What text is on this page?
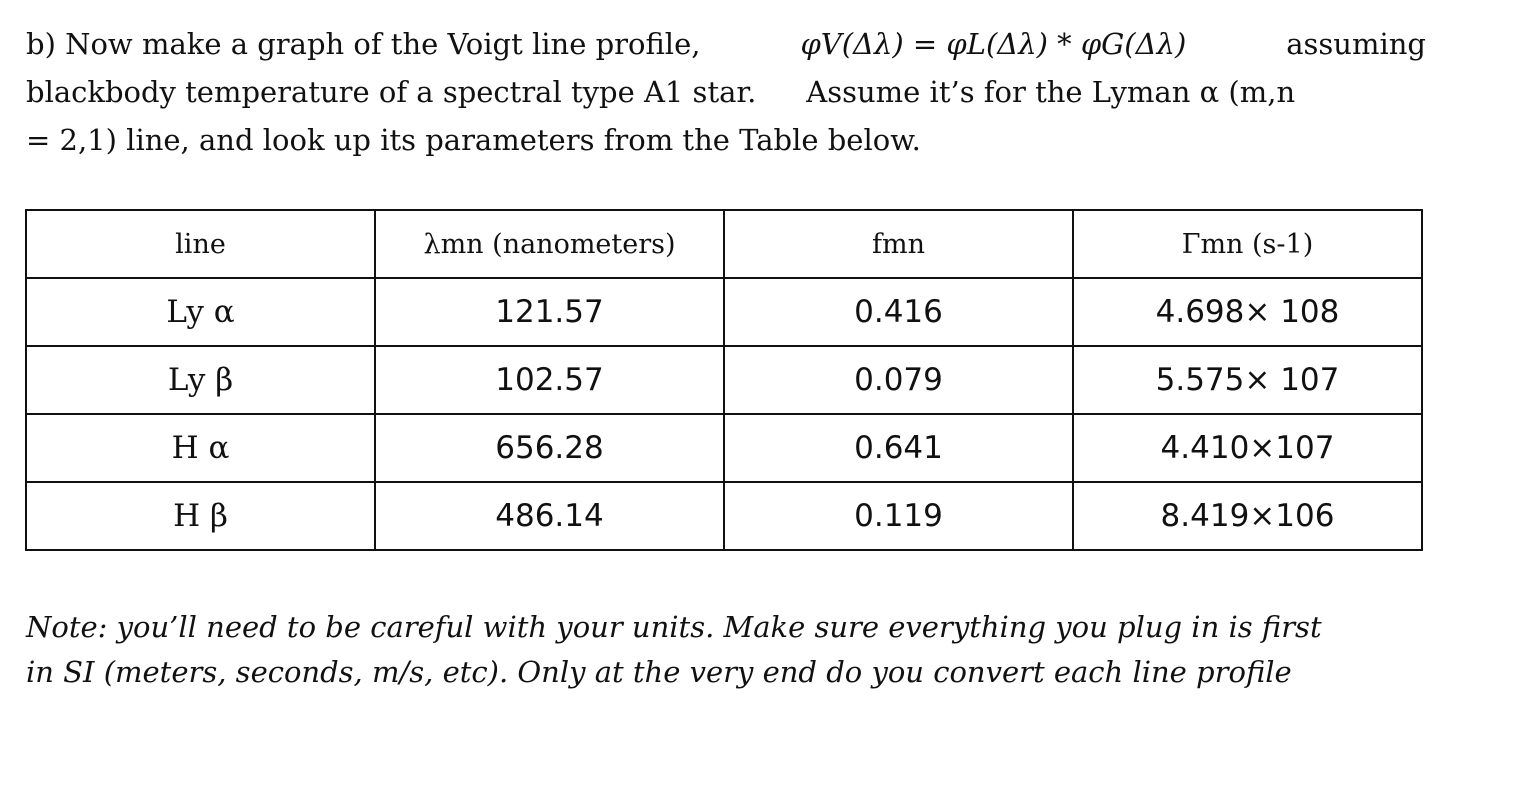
b) Now make a graph of the Voigt line profile,	φV(Δλ) = φL(Δλ) * φG(Δλ)	assuming
blackbody temperature of a spectral type A1 star. Assume it’s for the Lyman α (m,n
= 2,1) line, and look up its parameters from the Table below.
line	λmn (nanometers)	fmn	Γmn (s-1)
Ly α	121.57	0.416	4.698× 108
Ly β	102.57	0.079	5.575× 107
H α	656.28	0.641	4.410×107
H β	486.14	0.119	8.419×106
Note: you’ll need to be careful with your units. Make sure everything you plug in is first
in SI (meters, seconds, m/s, etc). Only at the very end do you convert each line profile
